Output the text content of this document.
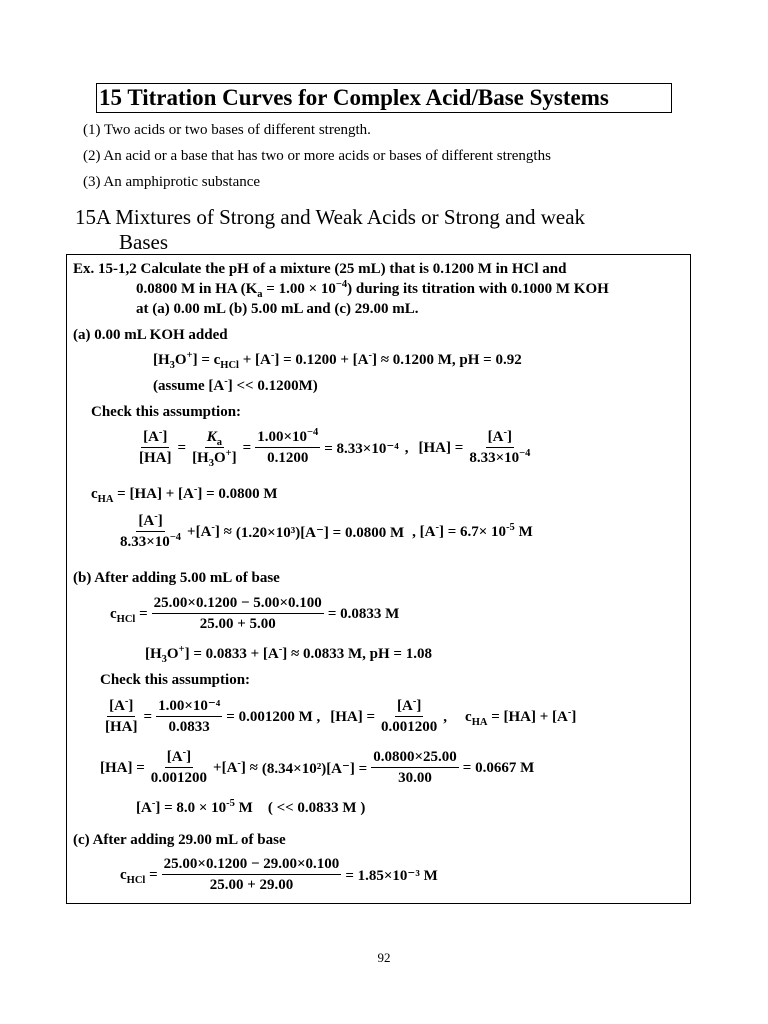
15 Titration Curves for Complex Acid/Base Systems
(1) Two acids or two bases of different strength.
(2) An acid or a base that has two or more acids or bases of different strengths
(3) An amphiprotic substance
15A Mixtures of Strong and Weak Acids or Strong and weak
Bases
Ex. 15-1,2 Calculate the pH of a mixture (25 mL) that is 0.1200 M in HCl and
0.0800 M in HA $(K_a = 1.00 \times 10^{-4})$ during its titration with 0.1000 M KOH
at (a) 0.00 mL (b) 5.00 mL and (c) 29.00 mL.
(a) 0.00 mL KOH added
$[H_3O^+] = c_{HCl} + [A^-] = 0.1200 + [A^-] \approx 0.1200$ M, pH = 0.92
(assume [A-] << 0.1200M)
Check this assumption:
$\frac{[A^-]}{[HA]} = \frac{K_a}{[H_3O^+]} = \frac{1.00\times 10^{-4}}{0.1200} = 8.33\times 10^{-4}$ , $[HA] = \frac{[A^-]}{8.33\times 10^{-4}}$
$c_{HA} = [HA] + [A^-] = 0.0800$ M
$\frac{[A^-]}{8.33\times 10^{-4}} +[A^-] \approx (1.20\times 10^3)[A^-] = 0.0800$ M , $[A^-] = 6.7\times 10^{-5}$ M
(b) After adding 5.00 mL of base
$c_{HCl} = \frac{25.00\times 0.1200 - 5.00\times 0.100}{25.00 + 5.00} = 0.0833$ M
$[H_3O^+] = 0.0833 + [A^-] \approx 0.0833$ M, pH = 1.08
Check this assumption:
$\frac{[A^-]}{[HA]} = \frac{\text{1.00×10⁻⁴}}{0.0833} = 0.001200$ M , $[HA] = \frac{[A^-]}{0.001200}$ , $c_{HA} = [HA] + [A^-]$
$[HA] = \frac{[A^-]}{0.001200} +[A^-] \approx (8.34\times 10^2)[A^-] = \frac{0.0800\times 25.00}{30.00} = 0.0667$ M
$[A^-] = 8.0 \times 10^{-5}$ M    ( << 0.0833 M )
(c) After adding 29.00 mL of base
$c_{HCl} = \frac{25.00\times 0.1200 - 29.00\times 0.100}{25.00 + 29.00} = 1.85\times 10^{-3}$ M
92
